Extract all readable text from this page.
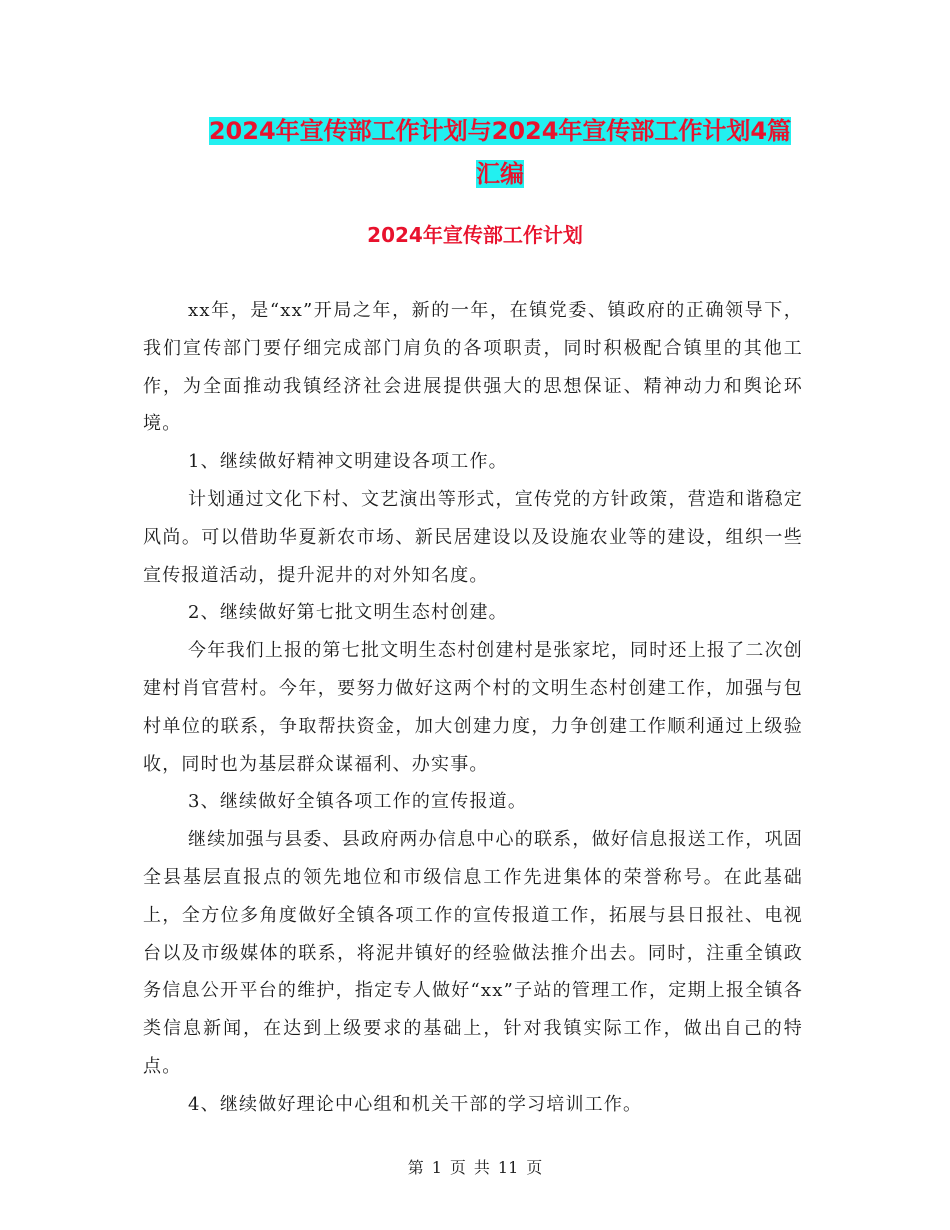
2024年宣传部工作计划与2024年宣传部工作计划4篇
汇编
2024年宣传部工作计划

xx年，是“xx”开局之年，新的一年，在镇党委、镇政府的正确领导下，我们宣传部门要仔细完成部门肩负的各项职责，同时积极配合镇里的其他工作，为全面推动我镇经济社会进展提供强大的思想保证、精神动力和舆论环境。

1、继续做好精神文明建设各项工作。

计划通过文化下村、文艺演出等形式，宣传党的方针政策，营造和谐稳定风尚。可以借助华夏新农市场、新民居建设以及设施农业等的建设，组织一些宣传报道活动，提升泥井的对外知名度。

2、继续做好第七批文明生态村创建。

今年我们上报的第七批文明生态村创建村是张家坨，同时还上报了二次创建村肖官营村。今年，要努力做好这两个村的文明生态村创建工作，加强与包村单位的联系，争取帮扶资金，加大创建力度，力争创建工作顺利通过上级验收，同时也为基层群众谋福利、办实事。

3、继续做好全镇各项工作的宣传报道。

继续加强与县委、县政府两办信息中心的联系，做好信息报送工作，巩固全县基层直报点的领先地位和市级信息工作先进集体的荣誉称号。在此基础上，全方位多角度做好全镇各项工作的宣传报道工作，拓展与县日报社、电视台以及市级媒体的联系，将泥井镇好的经验做法推介出去。同时，注重全镇政务信息公开平台的维护，指定专人做好“xx”子站的管理工作，定期上报全镇各类信息新闻，在达到上级要求的基础上，针对我镇实际工作，做出自己的特点。

4、继续做好理论中心组和机关干部的学习培训工作。

第 1 页 共 11 页
